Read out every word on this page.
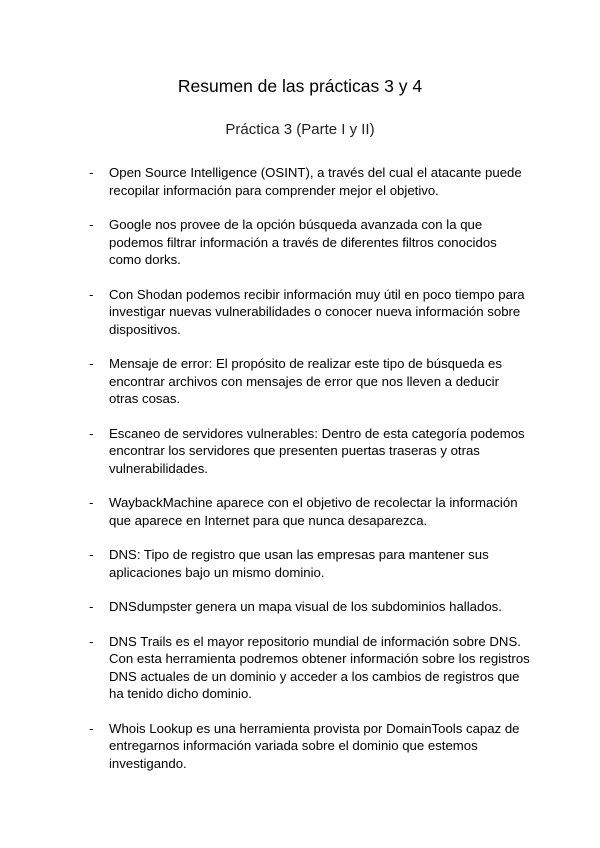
Resumen de las prácticas 3 y 4
Práctica 3 (Parte I y II)
- Open Source Intelligence (OSINT), a través del cual el atacante puede recopilar información para comprender mejor el objetivo.
- Google nos provee de la opción búsqueda avanzada con la que podemos filtrar información a través de diferentes filtros conocidos como dorks.
- Con Shodan podemos recibir información muy útil en poco tiempo para investigar nuevas vulnerabilidades o conocer nueva información sobre dispositivos.
- Mensaje de error: El propósito de realizar este tipo de búsqueda es encontrar archivos con mensajes de error que nos lleven a deducir otras cosas.
- Escaneo de servidores vulnerables: Dentro de esta categoría podemos encontrar los servidores que presenten puertas traseras y otras vulnerabilidades.
- WaybackMachine aparece con el objetivo de recolectar la información que aparece en Internet para que nunca desaparezca.
- DNS: Tipo de registro que usan las empresas para mantener sus aplicaciones bajo un mismo dominio.
- DNSdumpster genera un mapa visual de los subdominios hallados.
- DNS Trails es el mayor repositorio mundial de información sobre DNS. Con esta herramienta podremos obtener información sobre los registros DNS actuales de un dominio y acceder a los cambios de registros que ha tenido dicho dominio.
- Whois Lookup es una herramienta provista por DomainTools capaz de entregarnos información variada sobre el dominio que estemos investigando.
